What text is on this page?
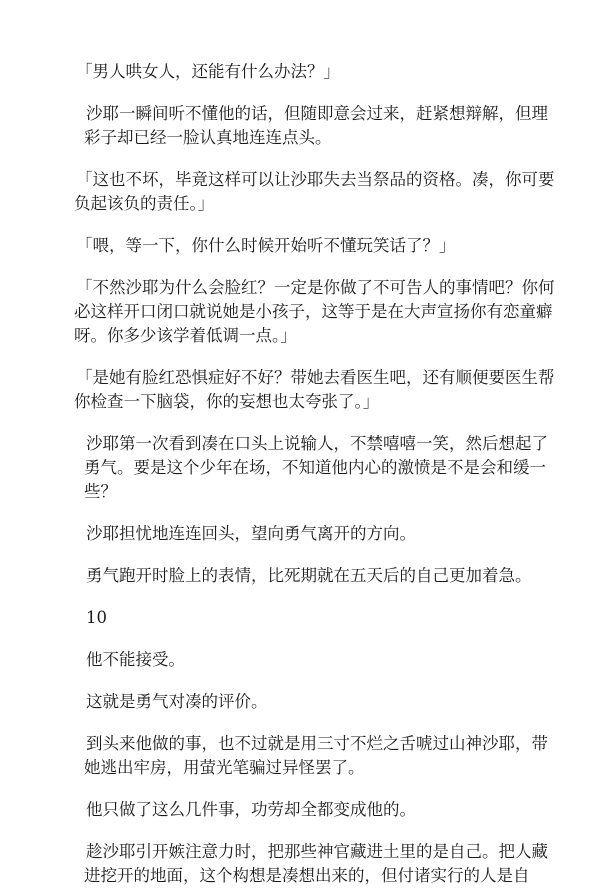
「男人哄女人，还能有什么办法？」

沙耶一瞬间听不懂他的话，但随即意会过来，赶紧想辩解，但理彩子却已经一脸认真地连连点头。

「这也不坏，毕竟这样可以让沙耶失去当祭品的资格。凑，你可要负起该负的责任。」

「喂，等一下，你什么时候开始听不懂玩笑话了？」

「不然沙耶为什么会脸红？一定是你做了不可告人的事情吧？你何必这样开口闭口就说她是小孩子，这等于是在大声宣扬你有恋童癖呀。你多少该学着低调一点。」

「是她有脸红恐惧症好不好？带她去看医生吧，还有顺便要医生帮你检查一下脑袋，你的妄想也太夸张了。」

沙耶第一次看到凑在口头上说输人，不禁嘻嘻一笑，然后想起了勇气。要是这个少年在场，不知道他内心的激愤是不是会和缓一些？

沙耶担忧地连连回头，望向勇气离开的方向。

勇气跑开时脸上的表情，比死期就在五天后的自己更加着急。

10

他不能接受。

这就是勇气对凑的评价。

到头来他做的事，也不过就是用三寸不烂之舌唬过山神沙耶，带她逃出牢房，用萤光笔骗过异怪罢了。

他只做了这么几件事，功劳却全都变成他的。

趁沙耶引开嫉注意力时，把那些神官藏进土里的是自己。把人藏进挖开的地面，这个构想是凑想出来的，但付诸实行的人是自
